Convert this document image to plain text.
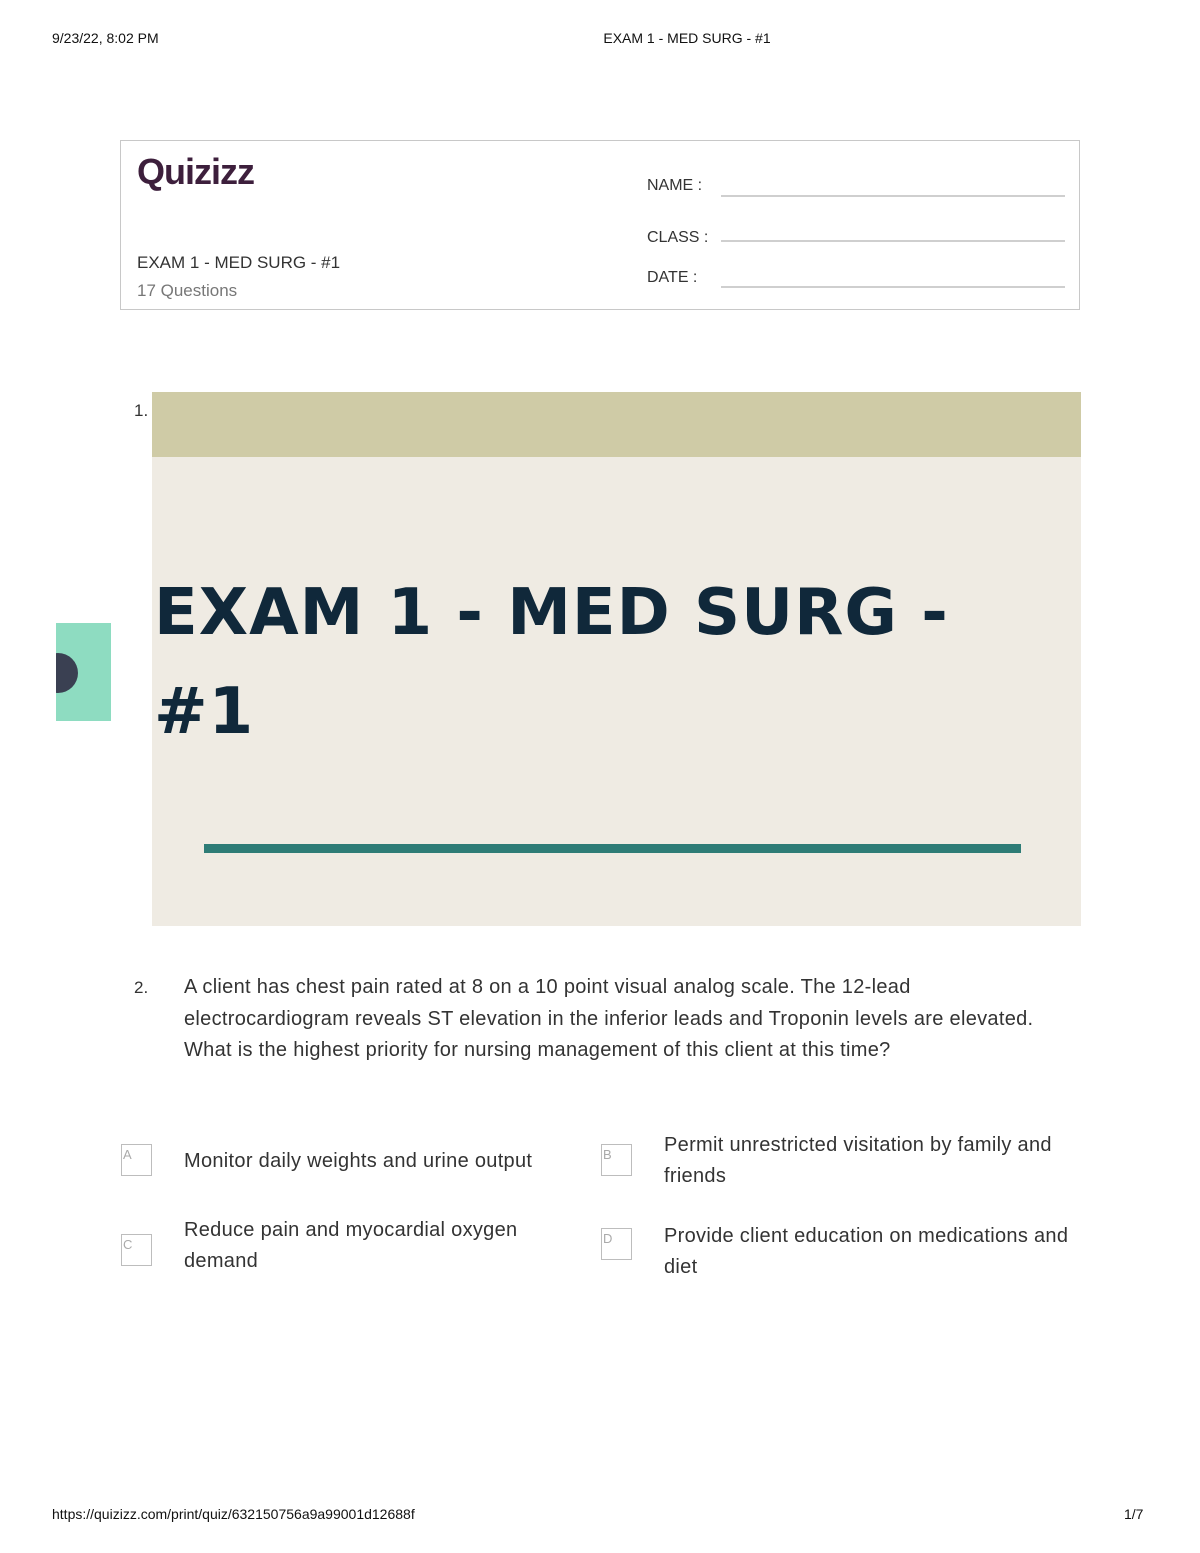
9/23/22, 8:02 PM	EXAM 1 - MED SURG - #1
Quizizz
EXAM 1 - MED SURG - #1
17 Questions
NAME :
CLASS :
DATE :
1.
EXAM 1 - MED SURG - #1
2. A client has chest pain rated at 8 on a 10 point visual analog scale. The 12-lead electrocardiogram reveals ST elevation in the inferior leads and Troponin levels are elevated. What is the highest priority for nursing management of this client at this time?
A	Monitor daily weights and urine output	B	Permit unrestricted visitation by family and friends
C
Reduce pain and myocardial oxygen demand
D	Provide client education on medications and diet
https://quizizz.com/print/quiz/632150756a9a99001d12688f	1/7
